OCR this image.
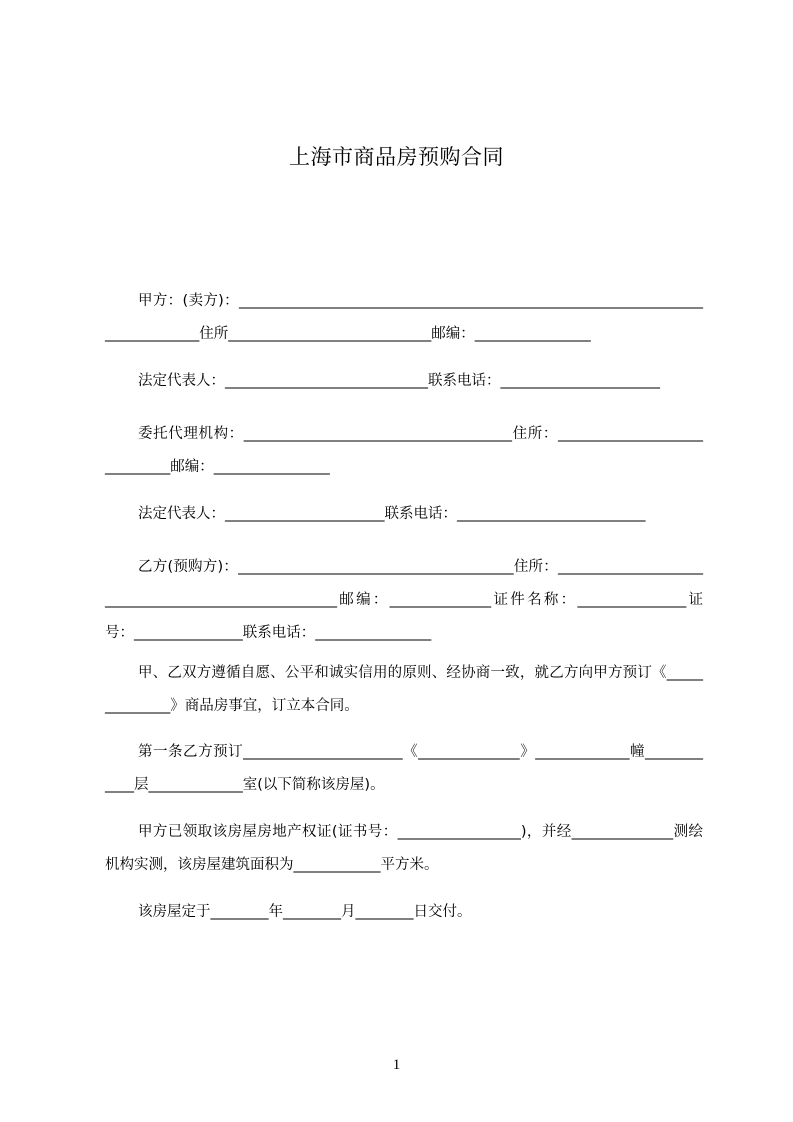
上海市商品房预购合同
甲方：(卖方)：_____________________________________________________________________________住所____________________________邮编：________________
法定代表人：____________________________联系电话：______________________
委托代理机构：_____________________________________住所：_____________________________邮编：________________
法定代表人：______________________联系电话：__________________________
乙方(预购方)：______________________________________住所：____________________________________________________邮编：______________证件名称：_______________证号：_______________联系电话：________________
甲、乙双方遵循自愿、公平和诚实信用的原则、经协商一致，就乙方向甲方预订《______________》商品房事宜，订立本合同。
第一条乙方预订______________________《______________》_____________幢____________层_____________室(以下简称该房屋)。
甲方已领取该房屋房地产权证(证书号：_________________)，并经______________测绘机构实测，该房屋建筑面积为____________平方米。
该房屋定于________年________月________日交付。
1
